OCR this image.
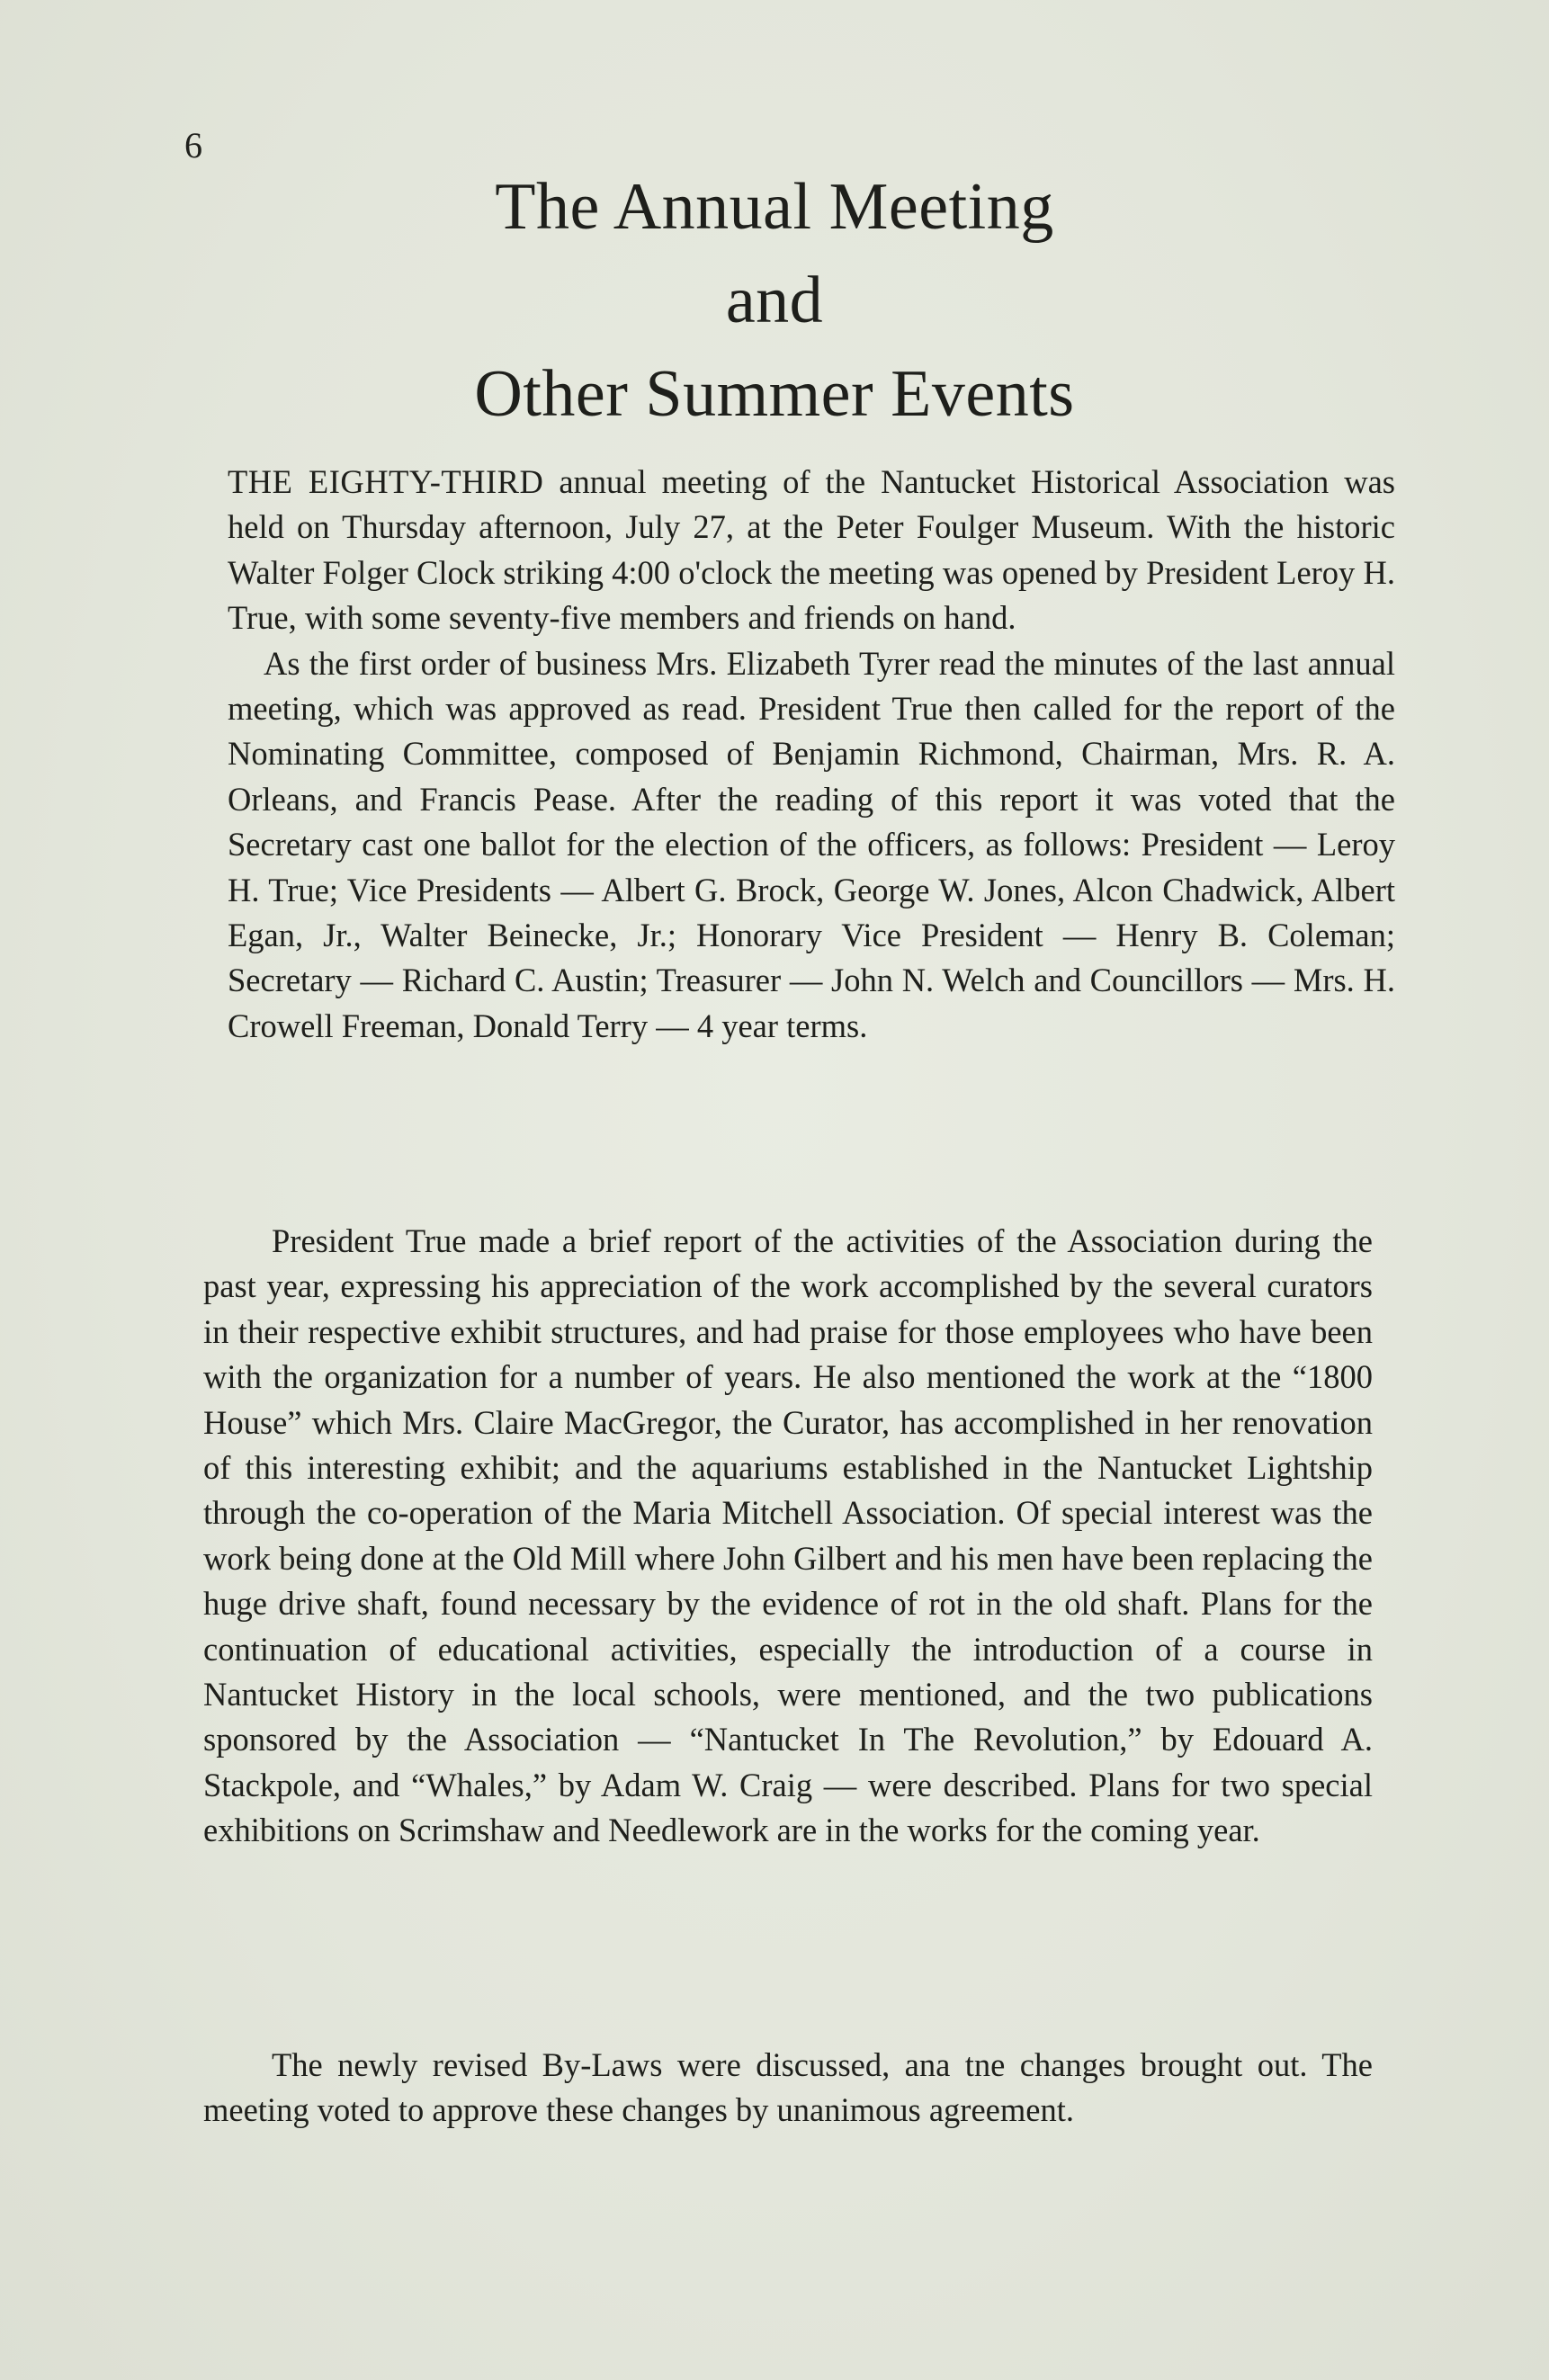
6
The Annual Meeting
and
Other Summer Events
THE EIGHTY-THIRD annual meeting of the Nantucket Historical Association was held on Thursday afternoon, July 27, at the Peter Foulger Museum. With the historic Walter Folger Clock striking 4:00 o'clock the meeting was opened by President Leroy H. True, with some seventy-five members and friends on hand.
As the first order of business Mrs. Elizabeth Tyrer read the minutes of the last annual meeting, which was approved as read. President True then called for the report of the Nominating Committee, composed of Benjamin Richmond, Chairman, Mrs. R. A. Orleans, and Francis Pease. After the reading of this report it was voted that the Secretary cast one ballot for the election of the officers, as follows: President — Leroy H. True; Vice Presidents — Albert G. Brock, George W. Jones, Alcon Chadwick, Albert Egan, Jr., Walter Beinecke, Jr.; Honorary Vice President — Henry B. Coleman; Secretary — Richard C. Austin; Treasurer — John N. Welch and Councillors — Mrs. H. Crowell Freeman, Donald Terry — 4 year terms.

President True made a brief report of the activities of the Association during the past year, expressing his appreciation of the work accomplished by the several curators in their respective exhibit structures, and had praise for those employees who have been with the organization for a number of years. He also mentioned the work at the “1800 House” which Mrs. Claire MacGregor, the Curator, has accomplished in her renovation of this interesting exhibit; and the aquariums established in the Nantucket Lightship through the co-operation of the Maria Mitchell Association. Of special interest was the work being done at the Old Mill where John Gilbert and his men have been replacing the huge drive shaft, found necessary by the evidence of rot in the old shaft. Plans for the continuation of educational activities, especially the introduction of a course in Nantucket History in the local schools, were mentioned, and the two publications sponsored by the Association — “Nantucket In The Revolution,” by Edouard A. Stackpole, and “Whales,” by Adam W. Craig — were described. Plans for two special exhibitions on Scrimshaw and Needlework are in the works for the coming year.

The newly revised By-Laws were discussed, ana tne changes brought out. The meeting voted to approve these changes by unanimous agreement.
